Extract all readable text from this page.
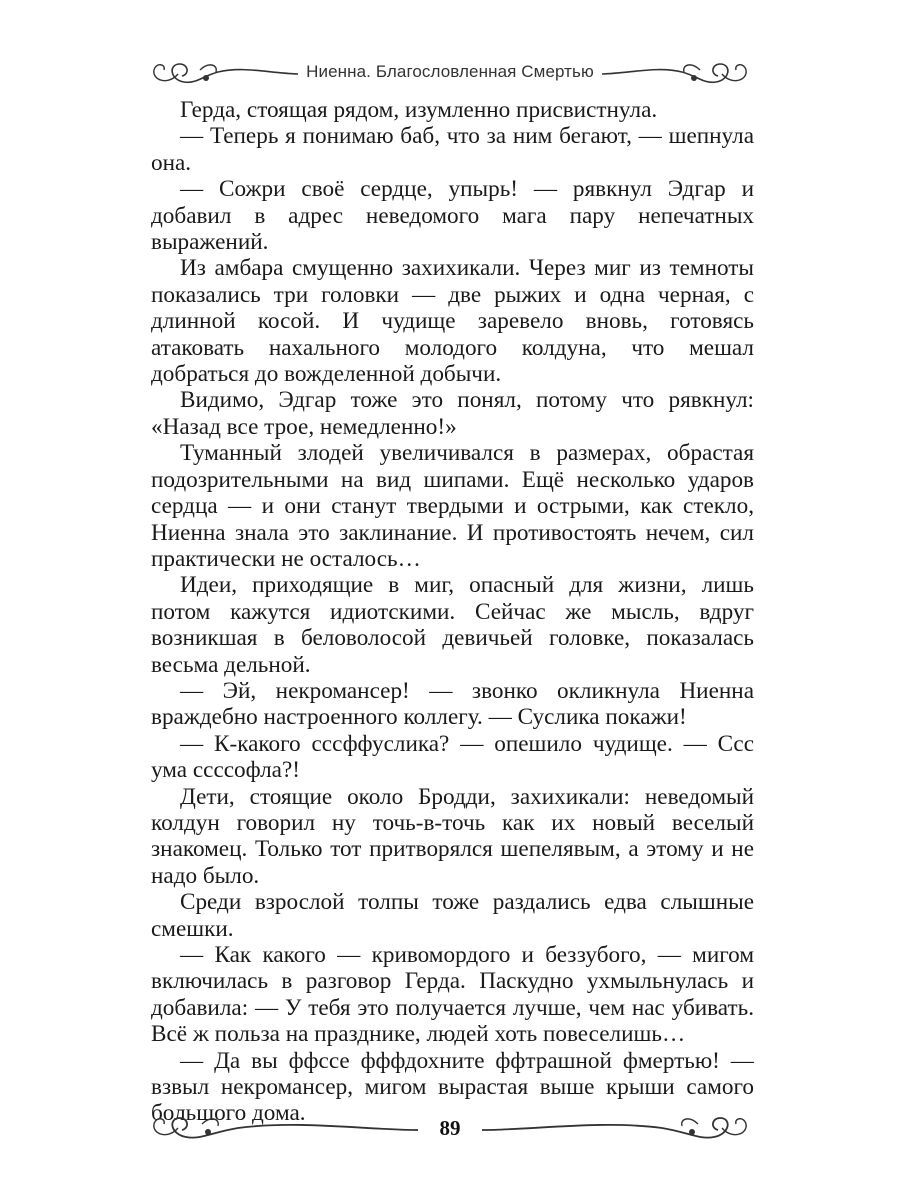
Ниенна. Благословленная Смертью

Герда, стоящая рядом, изумленно присвистнула.

— Теперь я понимаю баб, что за ним бегают, — шепнула она.

— Сожри своё сердце, упырь! — рявкнул Эдгар и добавил в адрес неведомого мага пару непечатных выражений.

Из амбара смущенно захихикали. Через миг из темноты показались три головки — две рыжих и одна черная, с длинной косой. И чудище заревело вновь, готовясь атаковать нахального молодого колдуна, что мешал добраться до вожделенной добычи.

Видимо, Эдгар тоже это понял, потому что рявкнул: «Назад все трое, немедленно!»

Туманный злодей увеличивался в размерах, обрастая подозрительными на вид шипами. Ещё несколько ударов сердца — и они станут твердыми и острыми, как стекло, Ниенна знала это заклинание. И противостоять нечем, сил практически не осталось…

Идеи, приходящие в миг, опасный для жизни, лишь потом кажутся идиотскими. Сейчас же мысль, вдруг возникшая в беловолосой девичьей головке, показалась весьма дельной.

— Эй, некромансер! — звонко окликнула Ниенна враждебно настроенного коллегу. — Суслика покажи!

— К-какого сссффуслика? — опешило чудище. — Ссс ума ссссофла?!

Дети, стоящие около Бродди, захихикали: неведомый колдун говорил ну точь-в-точь как их новый веселый знакомец. Только тот притворялся шепелявым, а этому и не надо было.

Среди взрослой толпы тоже раздались едва слышные смешки.

— Как какого — кривомордого и беззубого, — мигом включилась в разговор Герда. Паскудно ухмыльнулась и добавила: — У тебя это получается лучше, чем нас убивать. Всё ж польза на празднике, людей хоть повеселишь…

— Да вы ффссе фффдохните ффтрашной фмертью! — взвыл некромансер, мигом вырастая выше крыши самого большого дома.

89
